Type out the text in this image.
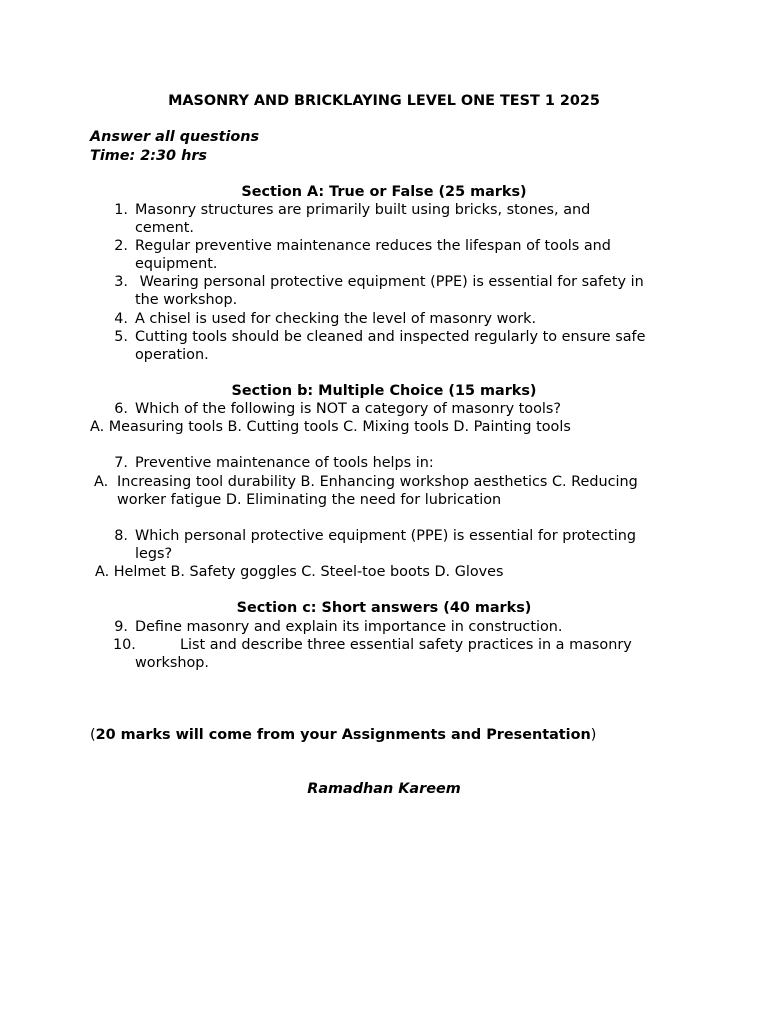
MASONRY AND BRICKLAYING LEVEL ONE TEST 1 2025
Answer all questions
Time: 2:30 hrs
Section A: True or False (25 marks)
1. Masonry structures are primarily built using bricks, stones, and
cement.
2. Regular preventive maintenance reduces the lifespan of tools and
equipment.
3. Wearing personal protective equipment (PPE) is essential for safety in
the workshop.
4. A chisel is used for checking the level of masonry work.
5. Cutting tools should be cleaned and inspected regularly to ensure safe
operation.
Section b: Multiple Choice (15 marks)
6. Which of the following is NOT a category of masonry tools?
A. Measuring tools B. Cutting tools C. Mixing tools D. Painting tools
7. Preventive maintenance of tools helps in:
A. Increasing tool durability B. Enhancing workshop aesthetics C. Reducing
worker fatigue D. Eliminating the need for lubrication
8. Which personal protective equipment (PPE) is essential for protecting
legs?
A. Helmet B. Safety goggles C. Steel-toe boots D. Gloves
Section c: Short answers (40 marks)
9. Define masonry and explain its importance in construction.
10.	List and describe three essential safety practices in a masonry
workshop.
(20 marks will come from your Assignments and Presentation)
Ramadhan Kareem
